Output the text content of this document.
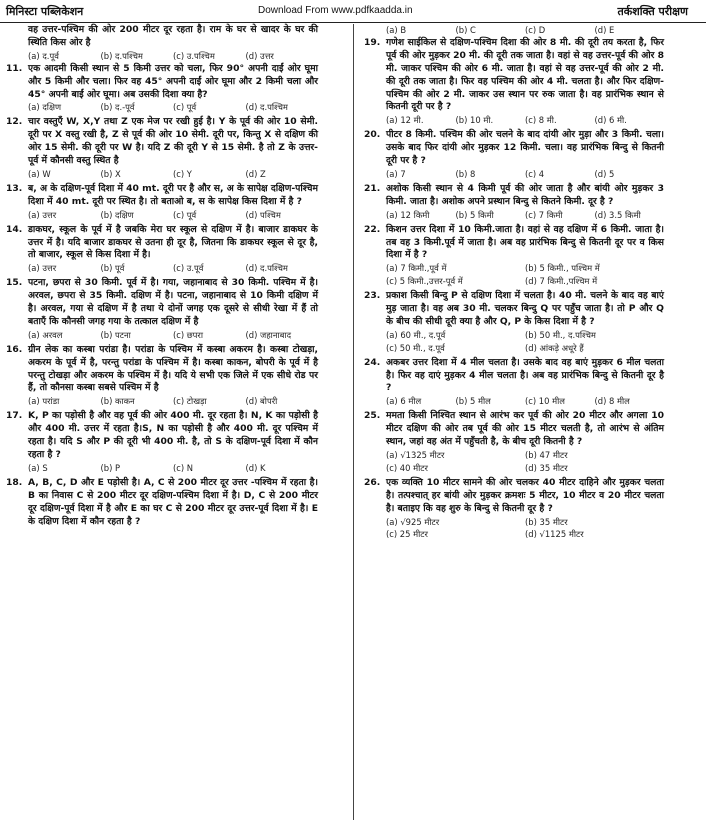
मिनिस्टा पब्लिकेशन	Download From www.pdfkaadda.in	तर्कशक्ति परीक्षण
वह उत्तर-पश्चिम की ओर 200 मीटर दूर रहता है। राम के घर से खादर के घर की स्थिति किस ओर है
(a) द.पूर्व	(b) द.पश्चिम	(c) उ.पश्चिम	(d) उत्तर
11. एक आदमी किसी स्थान से 5 किमी उत्तर को चला, फिर 90° अपनी दाईं ओर घूमा और 5 किमी और चला। फिर वह 45° अपनी दाईं ओर घूमा और 2 किमी चला और 45° अपनी बाईं ओर घूमा। अब उसकी दिशा क्या है?
(a) दक्षिण	(b) द.-पूर्व	(c) पूर्व	(d) द.पश्चिम
12. चार वस्तुएँ W, X,Y तथा Z एक मेज पर रखी हुई है। Y के पूर्व की ओर 10 सेमी. दूरी पर X वस्तु रखी है, Z से पूर्व की ओर 10 सेमी. दूरी पर, किन्तु X से दक्षिण की ओर 15 सेमी. की दूरी पर W है। यदि Z की दूरी Y से 15 सेमी. है तो Z के उत्तर-पूर्व में कौनसी वस्तु स्थित है
(a) W	(b) X	(c) Y	(d) Z
13. ब, अ के दक्षिण-पूर्व दिशा में 40 mt. दूरी पर है और स, अ के सापेक्ष दक्षिण-पश्चिम दिशा में 40 mt. दूरी पर स्थित है। तो बताओ ब, स के सापेक्ष किस दिशा में है ?
(a) उत्तर	(b) दक्षिण	(c) पूर्व	(d) पश्चिम
14. डाकघर, स्कूल के पूर्व में है जबकि मेरा घर स्कूल से दक्षिण में है। बाजार डाकघर के उत्तर में है। यदि बाजार डाकघर से उतना ही दूर है, जितना कि डाकघर स्कूल से दूर है, तो बाजार, स्कूल से किस दिशा में है।
(a) उत्तर	(b) पूर्व	(c) उ.पूर्व	(d) द.पश्चिम
15. पटना, छपरा से 30 किमी. पूर्व में है। गया, जहानाबाद से 30 किमी. पश्चिम में है। अरवल, छपरा से 35 किमी. दक्षिण में है। पटना, जहानाबाद से 10 किमी दक्षिण में है। अरवल, गया से दक्षिण में है तथा ये दोनों जगह एक दूसरे से सीधी रेखा में हैं तो बताएँ कि कौनसी जगह गया के तत्काल दक्षिण में है
(a) अरवल	(b) पटना	(c) छपरा	(d) जहानाबाद
16. ग्रीन लेक का कस्बा परांडा है। परांडा के पश्चिम में कस्बा अकरम है। कस्बा टोखड़ा, अकरम के पूर्व में है, परन्तु परांडा के पश्चिम में है। कस्बा काकन, बोपरी के पूर्व में है परन्तु टोखड़ा और अकरम के पश्चिम में है। यदि ये सभी एक जिले में एक सीधे रोड पर हैं, तो कौनसा कस्बा सबसे पश्चिम में है
(a) परांडा	(b) काकन	(c) टोखड़ा	(d) बोपरी
17. K, P का पड़ोसी है और वह पूर्व की ओर 400 मी. दूर रहता है। N, K का पड़ोसी है और 400 मी. उत्तर में रहता है।S, N का पड़ोसी है और 400 मी. दूर पश्चिम में रहता है। यदि S और P की दूरी भी 400 मी. है, तो S के दक्षिण-पूर्व दिशा में कौन रहता है ?
(a) S	(b) P	(c) N	(d) K
18. A, B, C, D और E पड़ोसी है। A, C से 200 मीटर दूर उत्तर -पश्चिम में रहता है। B का निवास C से 200 मीटर दूर दक्षिण-पश्चिम दिशा में है। D, C से 200 मीटर दूर दक्षिण-पूर्व दिशा में है और E का घर C से 200 मीटर दूर उत्तर-पूर्व दिशा में है। E के दक्षिण दिशा में कौन रहता है ?
(a) B	(b) C	(c) D	(d) E
19. गणेश साईकिल से दक्षिण-पश्चिम दिशा की ओर 8 मी. की दूरी तय करता है, फिर पूर्व की ओर मुड़कर 20 मी. की दूरी तक जाता है। वहां से वह उत्तर-पूर्व की ओर 8 मी. जाकर पश्चिम की ओर 6 मी. जाता है। वहां से वह उत्तर-पूर्व की ओर 2 मी. की दूरी तक जाता है। फिर वह पश्चिम की ओर 4 मी. चलता है। और फिर दक्षिण-पश्चिम की ओर 2 मी. जाकर उस स्थान पर रुक जाता है। वह प्रारंभिक स्थान से कितनी दूरी पर है ?
(a) 12 मी.	(b) 10 मी.	(c) 8 मी.	(d) 6 मी.
20. पीटर 8 किमी. पश्चिम की ओर चलने के बाद दांयी ओर मुड़ा और 3 किमी. चला। उसके बाद फिर दांयी ओर मुड़कर 12 किमी. चला। वह प्रारंभिक बिन्दु से कितनी दूरी पर है ?
(a) 7	(b) 8	(c) 4	(d) 5
21. अशोक किसी स्थान से 4 किमी पूर्व की ओर जाता है और बांयी ओर मुड़कर 3 किमी. जाता है। अशोक अपने प्रस्थान बिन्दु से कितने किमी. दूर है ?
(a) 12 किमी	(b) 5 किमी	(c) 7 किमी	(d) 3.5 किमी
22. किशन उत्तर दिशा में 10 किमी.जाता है। वहां से वह दक्षिण में 6 किमी. जाता है। तब वह 3 किमी.पूर्व में जाता है। अब वह प्रारंभिक बिन्दु से कितनी दूर पर व किस दिशा में है ?
(a) 7 किमी.,पूर्व में	(b) 5 किमी., पश्चिम में
(c) 5 किमी.,उत्तर-पूर्व में	(d) 7 किमी.,पश्चिम में
23. प्रकाश किसी बिन्दु P से दक्षिण दिशा में चलता है। 40 मी. चलने के बाद वह बाएं मुड़ जाता है। वह अब 30 मी. चलकर बिन्दु Q पर पहुँच जाता है। तो P और Q के बीच की सीधी दूरी क्या है और Q, P के किस दिशा में है ?
(a) 60 मी., द.पूर्व	(b) 50 मी., द.पश्चिम
(c) 50 मी., द.पूर्व	(d) आंकड़े अधूरे हैं
24. अकबर उत्तर दिशा में 4 मील चलता है। उसके बाद वह बाएं मुड़कर 6 मील चलता है। फिर वह दाएं मुड़कर 4 मील चलता है। अब वह प्रारंभिक बिन्दु से कितनी दूर है ?
(a) 6 मील	(b) 5 मील	(c) 10 मील	(d) 8 मील
25. ममता किसी निश्चित स्थान से आरंभ कर पूर्व की ओर 20 मीटर और अगला 10 मीटर दक्षिण की ओर तब पूर्व की ओर 15 मीटर चलती है, तो आरंभ से अंतिम स्थान, जहां वह अंत में पहुँचती है, के बीच दूरी कितनी है ?
(a) √1325 मीटर	(b) 47 मीटर
(c) 40 मीटर	(d) 35 मीटर
26. एक व्यक्ति 10 मीटर सामने की ओर चलकर 40 मीटर दाहिने और मुड़कर चलता है। तत्पश्चात् हर बांयी ओर मुड़कर क्रमशः 5 मीटर, 10 मीटर व 20 मीटर चलता है। बताइए कि वह शुरु के बिन्दु से कितनी दूर है ?
(a) √925 मीटर	(b) 35 मीटर
(c) 25 मीटर	(d) √1125 मीटर
